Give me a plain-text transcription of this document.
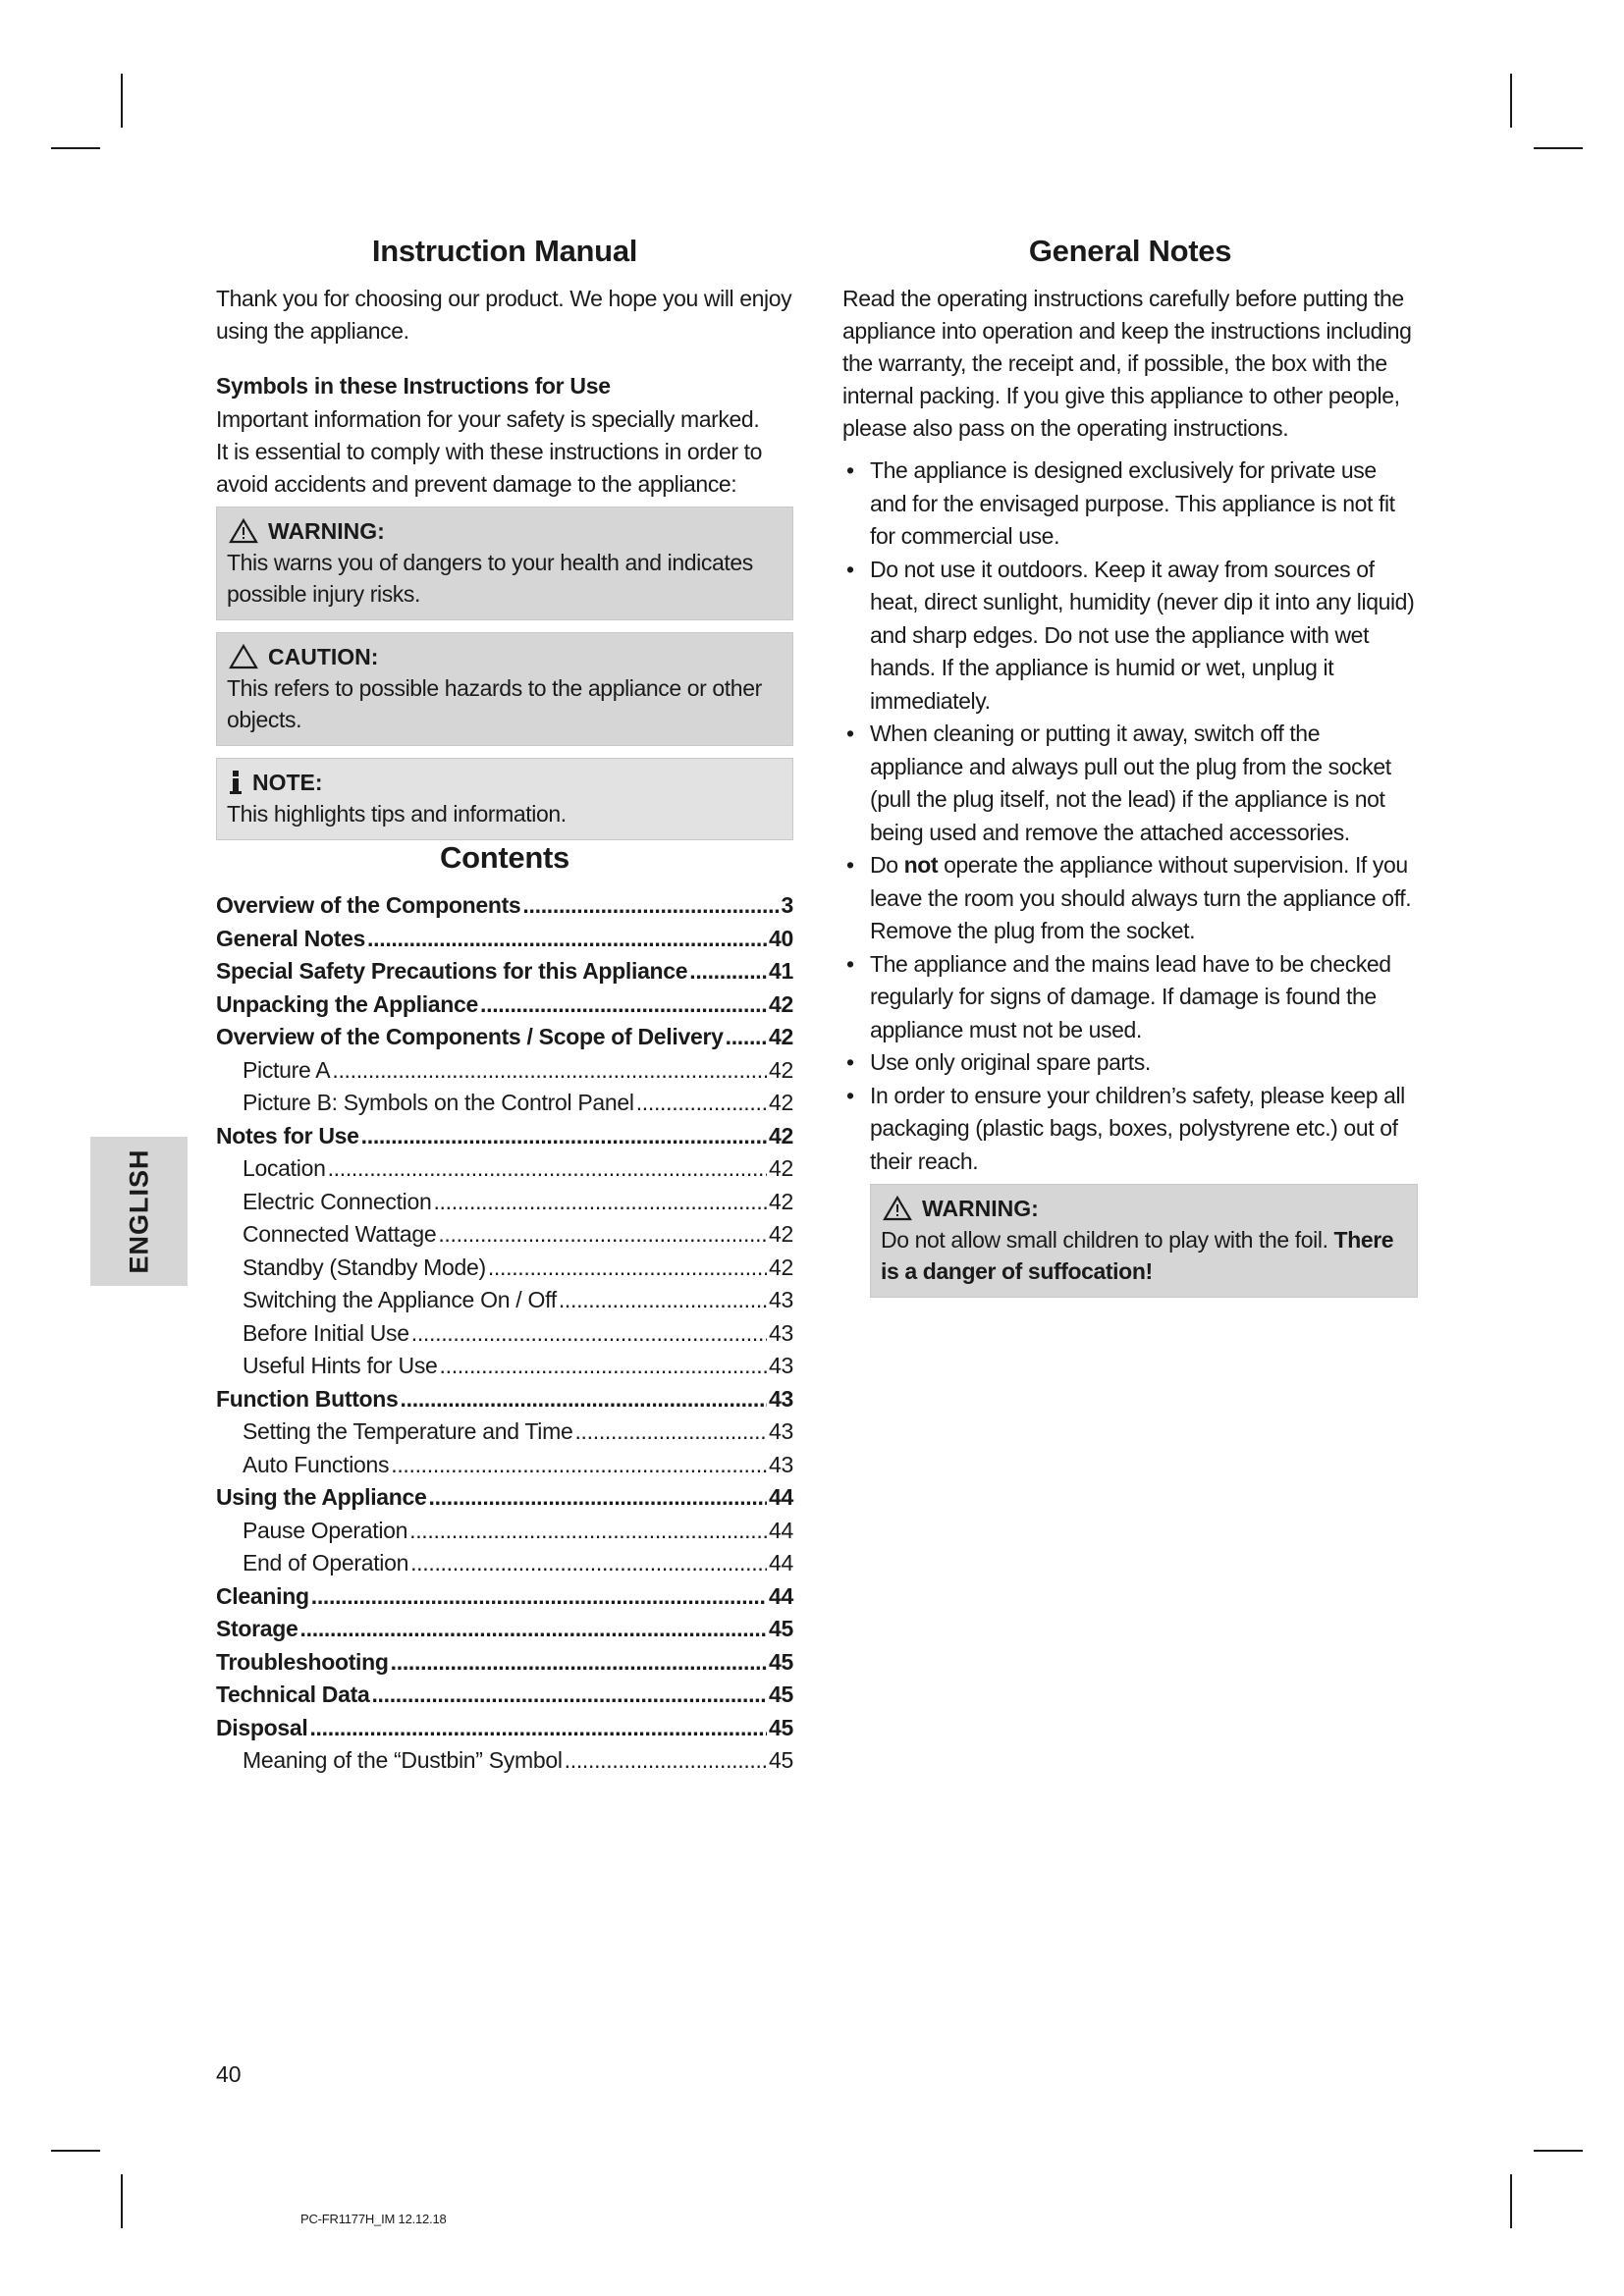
ENGLISH
Instruction Manual

Thank you for choosing our product. We hope you will enjoy using the appliance.

Symbols in these Instructions for Use

Important information for your safety is specially marked.

It is essential to comply with these instructions in order to avoid accidents and prevent damage to the appliance:

WARNING:
This warns you of dangers to your health and indicates possible injury risks.
CAUTION:
This refers to possible hazards to the appliance or other objects.
NOTE:
This highlights tips and information.
Contents
Overview of the Components .....	3
General Notes .....	40
Special Safety Precautions for this Appliance .....	41
Unpacking the Appliance .....	42
Overview of the Components / Scope of Delivery ..... 42
Picture A .....	42
Picture B: Symbols on the Control Panel .....	42
Notes for Use .....	42
Location .....	42
Electric Connection .....	42
Connected Wattage .....	42
Standby (Standby Mode) .....	42
Switching the Appliance On / Off .....	43
Before Initial Use .....	43
Useful Hints for Use .....	43
Function Buttons .....	43
Setting the Temperature and Time .....	43
Auto Functions .....	43
Using the Appliance .....	44
Pause Operation .....	44
End of Operation .....	44
Cleaning .....	44
Storage .....	45
Troubleshooting .....	45
Technical Data .....	45
Disposal .....	45
Meaning of the “Dustbin” Symbol .....	45
General Notes

Read the operating instructions carefully before putting the appliance into operation and keep the instructions including the warranty, the receipt and, if possible, the box with the internal packing. If you give this appliance to other people, please also pass on the operating instructions.

• The appliance is designed exclusively for private use and for the envisaged purpose. This appliance is not fit for commercial use.
• Do not use it outdoors. Keep it away from sources of heat, direct sunlight, humidity (never dip it into any liquid) and sharp edges. Do not use the appliance with wet hands. If the appliance is humid or wet, unplug it immediately.
• When cleaning or putting it away, switch off the appliance and always pull out the plug from the socket (pull the plug itself, not the lead) if the appliance is not being used and remove the attached accessories.
• Do not operate the appliance without supervision. If you leave the room you should always turn the appliance off. Remove the plug from the socket.
• The appliance and the mains lead have to be checked regularly for signs of damage. If damage is found the appliance must not be used.
• Use only original spare parts.
• In order to ensure your children’s safety, please keep all packaging (plastic bags, boxes, polystyrene etc.) out of their reach.
WARNING:
Do not allow small children to play with the foil. There is a danger of suffocation!
40
PC-FR1177H_IM 12.12.18
